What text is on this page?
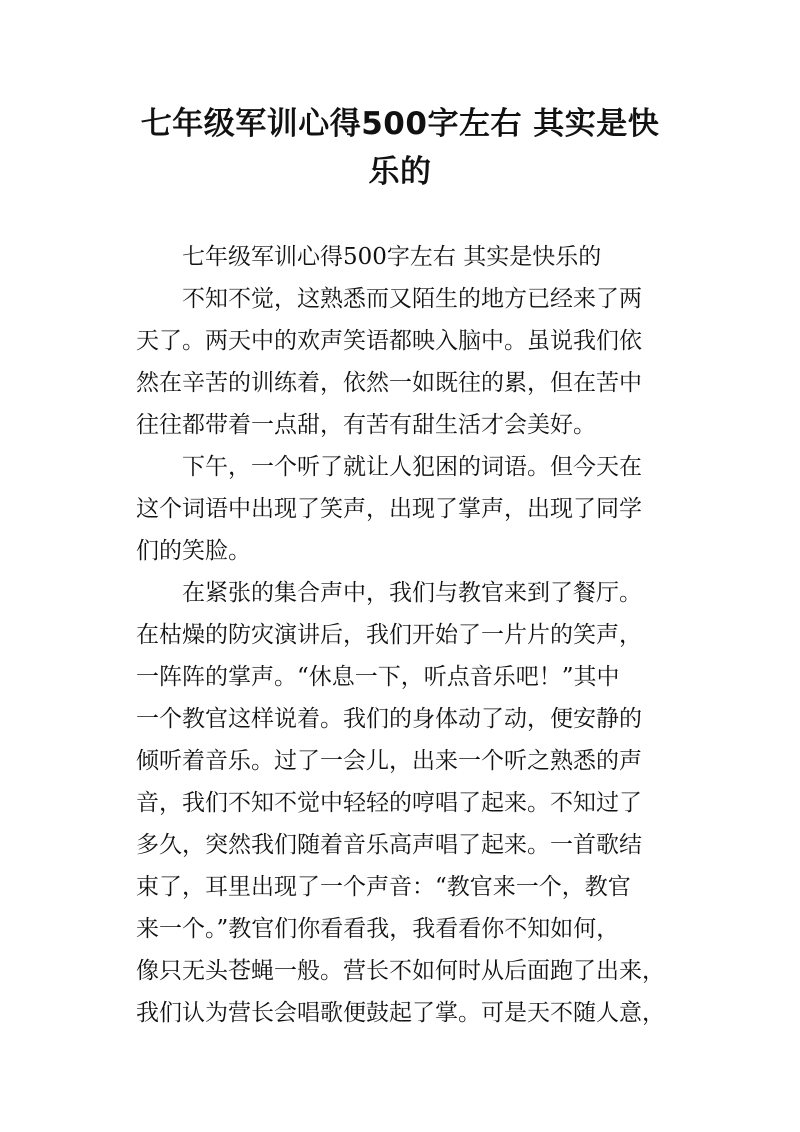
七年级军训心得500字左右 其实是快
乐的
七年级军训心得500字左右 其实是快乐的
不知不觉，这熟悉而又陌生的地方已经来了两
天了。两天中的欢声笑语都映入脑中。虽说我们依
然在辛苦的训练着，依然一如既往的累，但在苦中
往往都带着一点甜，有苦有甜生活才会美好。
下午，一个听了就让人犯困的词语。但今天在
这个词语中出现了笑声，出现了掌声，出现了同学
们的笑脸。
在紧张的集合声中，我们与教官来到了餐厅。
在枯燥的防灾演讲后，我们开始了一片片的笑声，
一阵阵的掌声。“休息一下，听点音乐吧！”其中
一个教官这样说着。我们的身体动了动，便安静的
倾听着音乐。过了一会儿，出来一个听之熟悉的声
音，我们不知不觉中轻轻的哼唱了起来。不知过了
多久，突然我们随着音乐高声唱了起来。一首歌结
束了，耳里出现了一个声音：“教官来一个，教官
来一个。”教官们你看看我，我看看你不知如何，
像只无头苍蝇一般。营长不如何时从后面跑了出来，
我们认为营长会唱歌便鼓起了掌。可是天不随人意，
